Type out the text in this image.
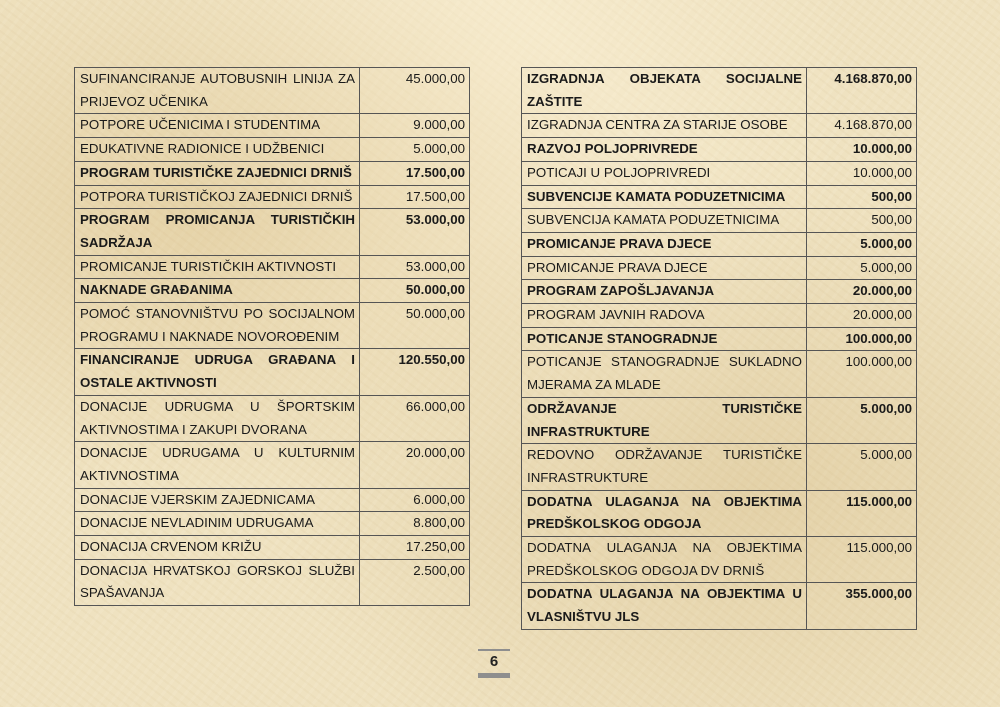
SUFINANCIRANJE AUTOBUSNIH LINIJA ZA PRIJEVOZ UČENIKA	45.000,00
POTPORE UČENICIMA I STUDENTIMA	9.000,00
EDUKATIVNE RADIONICE I UDŽBENICI	5.000,00
PROGRAM TURISTIČKE ZAJEDNICI DRNIŠ	17.500,00
POTPORA TURISTIČKOJ ZAJEDNICI DRNIŠ	17.500,00
PROGRAM PROMICANJA TURISTIČKIH SADRŽAJA	53.000,00
PROMICANJE TURISTIČKIH AKTIVNOSTI	53.000,00
NAKNADE GRAĐANIMA	50.000,00
POMOĆ STANOVNIŠTVU PO SOCIJALNOM PROGRAMU I NAKNADE NOVOROĐENIM	50.000,00
FINANCIRANJE UDRUGA GRAĐANA I OSTALE AKTIVNOSTI	120.550,00
DONACIJE UDRUGMA U ŠPORTSKIM AKTIVNOSTIMA I ZAKUPI DVORANA	66.000,00
DONACIJE UDRUGAMA U KULTURNIM AKTIVNOSTIMA	20.000,00
DONACIJE VJERSKIM ZAJEDNICAMA	6.000,00
DONACIJE NEVLADINIM UDRUGAMA	8.800,00
DONACIJA CRVENOM KRIŽU	17.250,00
DONACIJA HRVATSKOJ GORSKOJ SLUŽBI SPAŠAVANJA	2.500,00
IZGRADNJA OBJEKATA SOCIJALNE ZAŠTITE	4.168.870,00
IZGRADNJA CENTRA ZA STARIJE OSOBE	4.168.870,00
RAZVOJ POLJOPRIVREDE	10.000,00
POTICAJI U POLJOPRIVREDI	10.000,00
SUBVENCIJE KAMATA PODUZETNICIMA	500,00
SUBVENCIJA KAMATA PODUZETNICIMA	500,00
PROMICANJE PRAVA DJECE	5.000,00
PROMICANJE PRAVA DJECE	5.000,00
PROGRAM ZAPOŠLJAVANJA	20.000,00
PROGRAM JAVNIH RADOVA	20.000,00
POTICANJE STANOGRADNJE	100.000,00
POTICANJE STANOGRADNJE SUKLADNO MJERAMA ZA MLADE	100.000,00
ODRŽAVANJE TURISTIČKE INFRASTRUKTURE	5.000,00
REDOVNO ODRŽAVANJE TURISTIČKE INFRASTRUKTURE	5.000,00
DODATNA ULAGANJA NA OBJEKTIMA PREDŠKOLSKOG ODGOJA	115.000,00
DODATNA ULAGANJA NA OBJEKTIMA PREDŠKOLSKOG ODGOJA DV DRNIŠ	115.000,00
DODATNA ULAGANJA NA OBJEKTIMA U VLASNIŠTVU JLS	355.000,00
6
